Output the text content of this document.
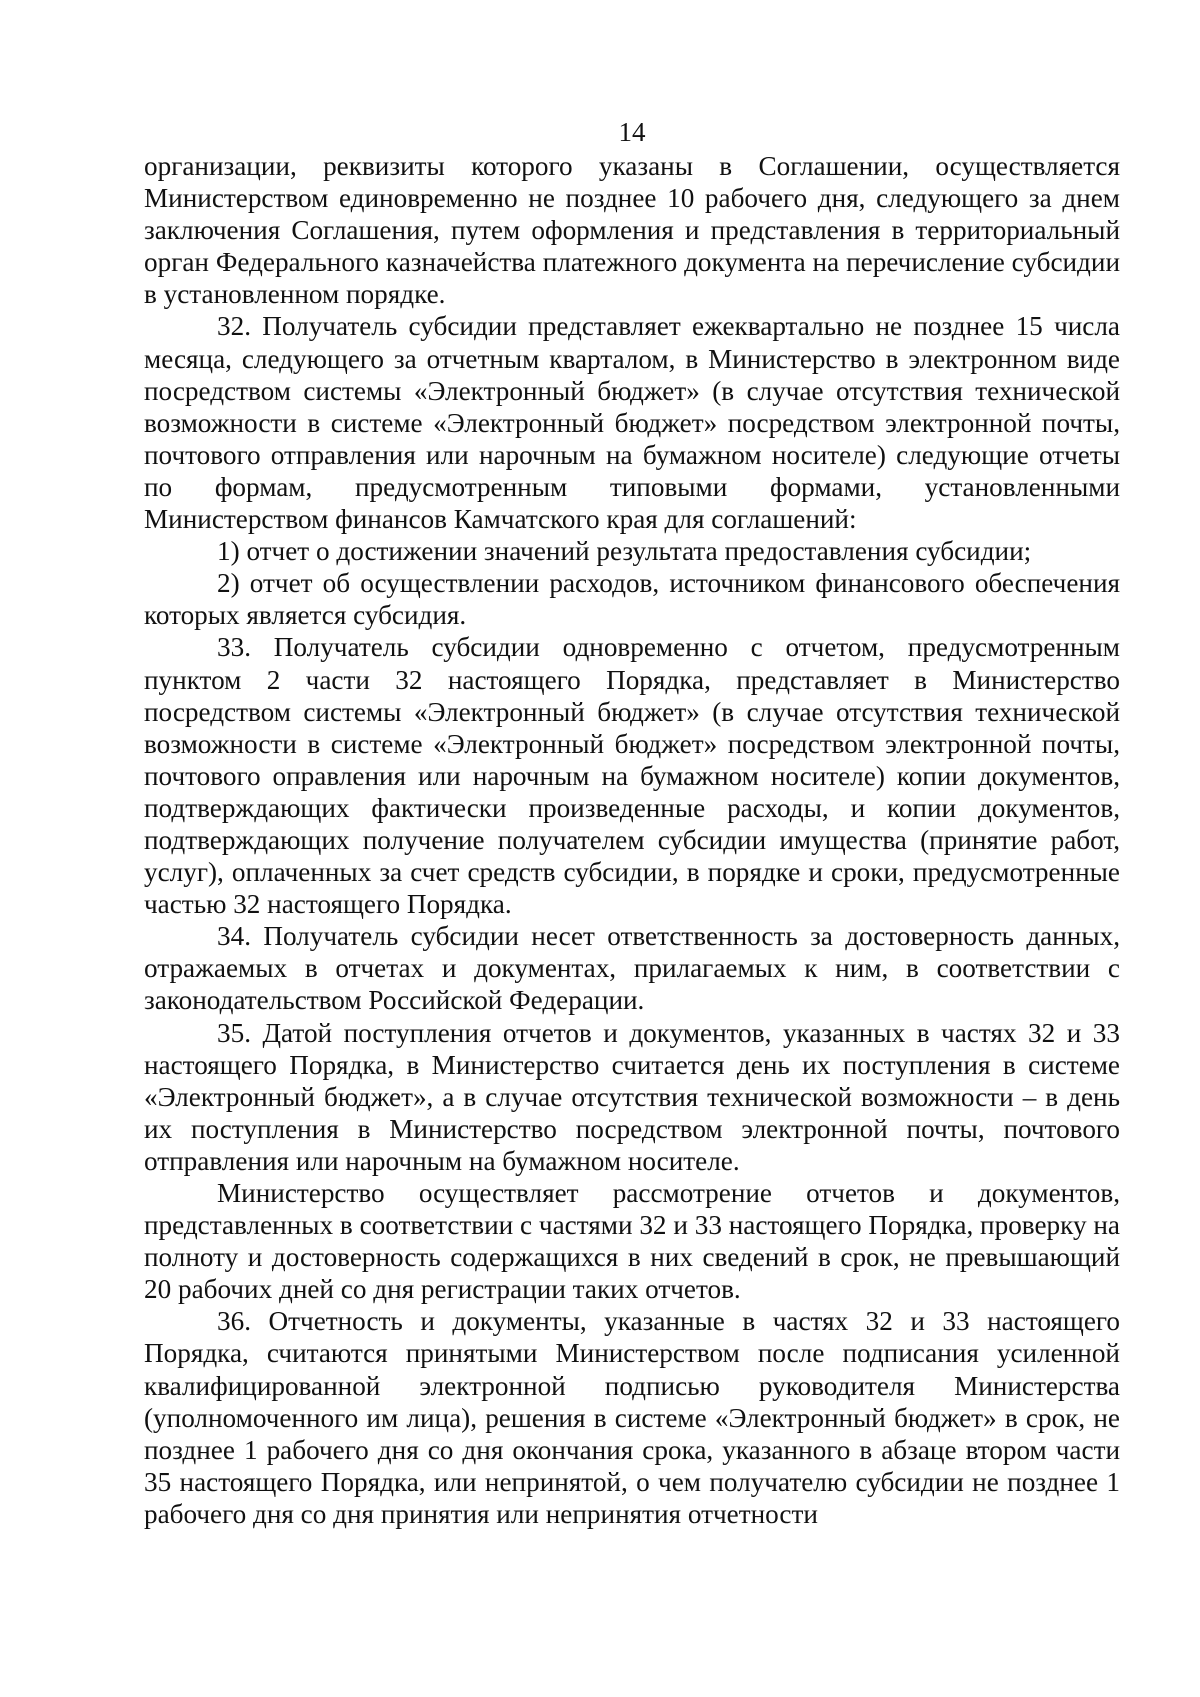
14

организации, реквизиты которого указаны в Соглашении, осуществляется Министерством единовременно не позднее 10 рабочего дня, следующего за днем заключения Соглашения, путем оформления и представления в территориальный орган Федерального казначейства платежного документа на перечисление субсидии в установленном порядке.

32. Получатель субсидии представляет ежеквартально не позднее 15 числа месяца, следующего за отчетным кварталом, в Министерство в электронном виде посредством системы «Электронный бюджет» (в случае отсутствия технической возможности в системе «Электронный бюджет» посредством электронной почты, почтового отправления или нарочным на бумажном носителе) следующие отчеты по формам, предусмотренным типовыми формами, установленными Министерством финансов Камчатского края для соглашений:

1) отчет о достижении значений результата предоставления субсидии;

2) отчет об осуществлении расходов, источником финансового обеспечения которых является субсидия.

33. Получатель субсидии одновременно с отчетом, предусмотренным пунктом 2 части 32 настоящего Порядка, представляет в Министерство посредством системы «Электронный бюджет» (в случае отсутствия технической возможности в системе «Электронный бюджет» посредством электронной почты, почтового оправления или нарочным на бумажном носителе) копии документов, подтверждающих фактически произведенные расходы, и копии документов, подтверждающих получение получателем субсидии имущества (принятие работ, услуг), оплаченных за счет средств субсидии, в порядке и сроки, предусмотренные частью 32 настоящего Порядка.

34. Получатель субсидии несет ответственность за достоверность данных, отражаемых в отчетах и документах, прилагаемых к ним, в соответствии с законодательством Российской Федерации.

35. Датой поступления отчетов и документов, указанных в частях 32 и 33 настоящего Порядка, в Министерство считается день их поступления в системе «Электронный бюджет», а в случае отсутствия технической возможности – в день их поступления в Министерство посредством электронной почты, почтового отправления или нарочным на бумажном носителе.

Министерство осуществляет рассмотрение отчетов и документов, представленных в соответствии с частями 32 и 33 настоящего Порядка, проверку на полноту и достоверность содержащихся в них сведений в срок, не превышающий 20 рабочих дней со дня регистрации таких отчетов.

36. Отчетность и документы, указанные в частях 32 и 33 настоящего Порядка, считаются принятыми Министерством после подписания усиленной квалифицированной электронной подписью руководителя Министерства (уполномоченного им лица), решения в системе «Электронный бюджет» в срок, не позднее 1 рабочего дня со дня окончания срока, указанного в абзаце втором части 35 настоящего Порядка, или непринятой, о чем получателю субсидии не позднее 1 рабочего дня со дня принятия или непринятия отчетности
